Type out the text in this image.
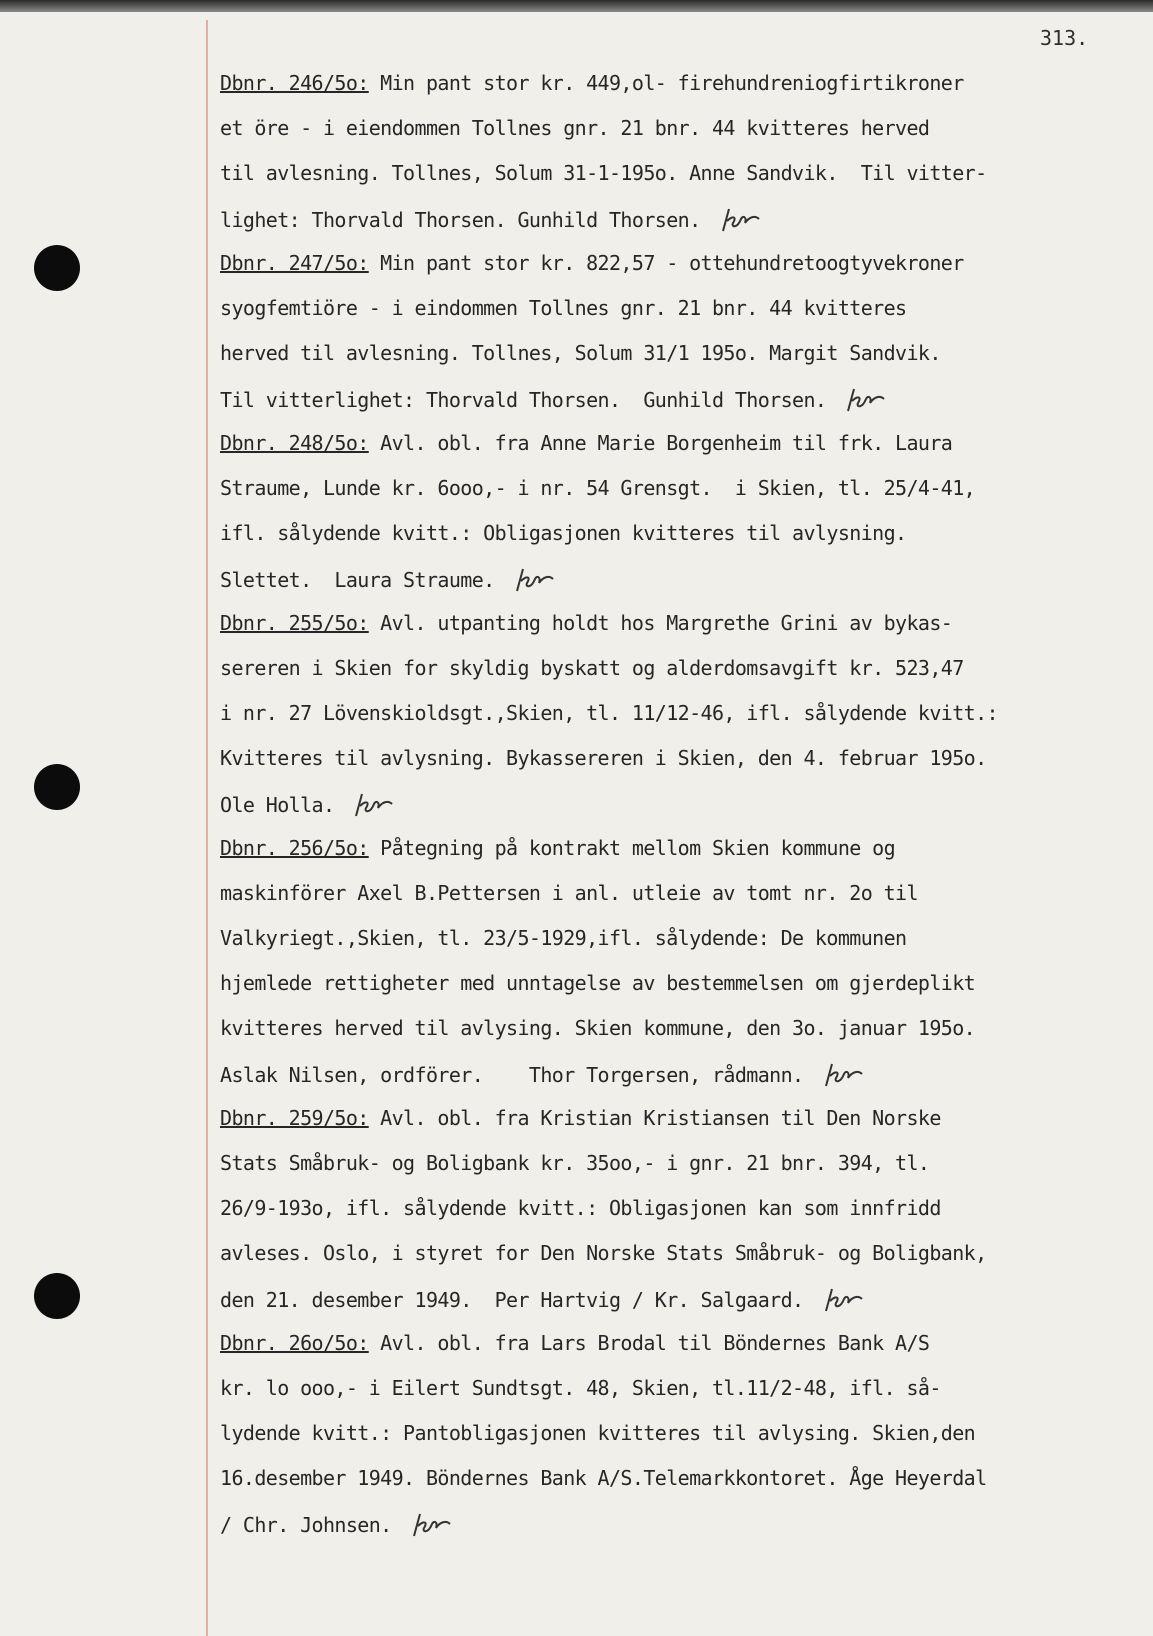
313.
Dbnr. 246/5o: Min pant stor kr. 449,ol- firehundreniogfirtikroner
et öre - i eiendommen Tollnes gnr. 21 bnr. 44 kvitteres herved
til avlesning. Tollnes, Solum 31-1-195o. Anne Sandvik.  Til vitter-
lighet: Thorvald Thorsen. Gunhild Thorsen.
Dbnr. 247/5o: Min pant stor kr. 822,57 - ottehundretoogtyvekroner
syogfemtiöre - i eindommen Tollnes gnr. 21 bnr. 44 kvitteres
herved til avlesning. Tollnes, Solum 31/1 195o. Margit Sandvik.
Til vitterlighet: Thorvald Thorsen.  Gunhild Thorsen.
Dbnr. 248/5o: Avl. obl. fra Anne Marie Borgenheim til frk. Laura
Straume, Lunde kr. 6ooo,- i nr. 54 Grensgt.  i Skien, tl. 25/4-41,
ifl. sålydende kvitt.: Obligasjonen kvitteres til avlysning.
Slettet.  Laura Straume.
Dbnr. 255/5o: Avl. utpanting holdt hos Margrethe Grini av bykas-
sereren i Skien for skyldig byskatt og alderdomsavgift kr. 523,47
i nr. 27 Lövenskioldsgt.,Skien, tl. 11/12-46, ifl. sålydende kvitt.:
Kvitteres til avlysning. Bykassereren i Skien, den 4. februar 195o.
Ole Holla.
Dbnr. 256/5o: Påtegning på kontrakt mellom Skien kommune og
maskinförer Axel B.Pettersen i anl. utleie av tomt nr. 2o til
Valkyriegt.,Skien, tl. 23/5-1929,ifl. sålydende: De kommunen
hjemlede rettigheter med unntagelse av bestemmelsen om gjerdeplikt
kvitteres herved til avlysing. Skien kommune, den 3o. januar 195o.
Aslak Nilsen, ordförer.    Thor Torgersen, rådmann.
Dbnr. 259/5o: Avl. obl. fra Kristian Kristiansen til Den Norske
Stats Småbruk- og Boligbank kr. 35oo,- i gnr. 21 bnr. 394, tl.
26/9-193o, ifl. sålydende kvitt.: Obligasjonen kan som innfridd
avleses. Oslo, i styret for Den Norske Stats Småbruk- og Boligbank,
den 21. desember 1949.  Per Hartvig / Kr. Salgaard.
Dbnr. 26o/5o: Avl. obl. fra Lars Brodal til Böndernes Bank A/S
kr. lo ooo,- i Eilert Sundtsgt. 48, Skien, tl.11/2-48, ifl. så-
lydende kvitt.: Pantobligasjonen kvitteres til avlysing. Skien,den
16.desember 1949. Böndernes Bank A/S.Telemarkkontoret. Åge Heyerdal
/ Chr. Johnsen.
